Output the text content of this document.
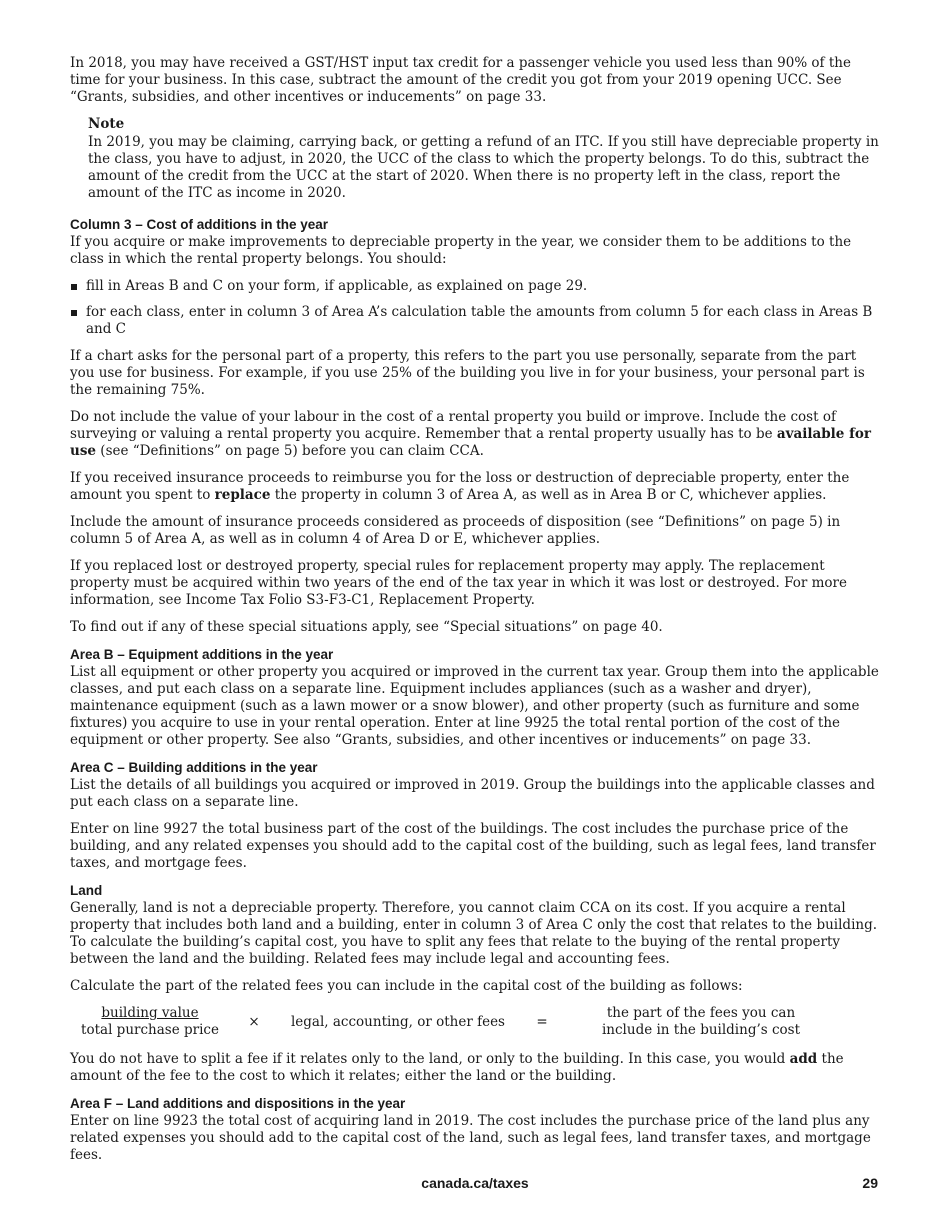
In 2018, you may have received a GST/HST input tax credit for a passenger vehicle you used less than 90% of the time for your business. In this case, subtract the amount of the credit you got from your 2019 opening UCC. See “Grants, subsidies, and other incentives or inducements” on page 33.

Note
In 2019, you may be claiming, carrying back, or getting a refund of an ITC. If you still have depreciable property in the class, you have to adjust, in 2020, the UCC of the class to which the property belongs. To do this, subtract the amount of the credit from the UCC at the start of 2020. When there is no property left in the class, report the amount of the ITC as income in 2020.
Column 3 – Cost of additions in the year

If you acquire or make improvements to depreciable property in the year, we consider them to be additions to the class in which the rental property belongs. You should:

fill in Areas B and C on your form, if applicable, as explained on page 29.
for each class, enter in column 3 of Area A’s calculation table the amounts from column 5 for each class in Areas B and C

If a chart asks for the personal part of a property, this refers to the part you use personally, separate from the part you use for business. For example, if you use 25% of the building you live in for your business, your personal part is the remaining 75%.

Do not include the value of your labour in the cost of a rental property you build or improve. Include the cost of surveying or valuing a rental property you acquire. Remember that a rental property usually has to be available for use (see “Definitions” on page 5) before you can claim CCA.

If you received insurance proceeds to reimburse you for the loss or destruction of depreciable property, enter the amount you spent to replace the property in column 3 of Area A, as well as in Area B or C, whichever applies.

Include the amount of insurance proceeds considered as proceeds of disposition (see “Definitions” on page 5) in column 5 of Area A, as well as in column 4 of Area D or E, whichever applies.

If you replaced lost or destroyed property, special rules for replacement property may apply. The replacement property must be acquired within two years of the end of the tax year in which it was lost or destroyed. For more information, see Income Tax Folio S3-F3-C1, Replacement Property.

To find out if any of these special situations apply, see “Special situations” on page 40.

Area B – Equipment additions in the year

List all equipment or other property you acquired or improved in the current tax year. Group them into the applicable classes, and put each class on a separate line. Equipment includes appliances (such as a washer and dryer), maintenance equipment (such as a lawn mower or a snow blower), and other property (such as furniture and some fixtures) you acquire to use in your rental operation. Enter at line 9925 the total rental portion of the cost of the equipment or other property. See also “Grants, subsidies, and other incentives or inducements” on page 33.

Area C – Building additions in the year

List the details of all buildings you acquired or improved in 2019. Group the buildings into the applicable classes and put each class on a separate line.

Enter on line 9927 the total business part of the cost of the buildings. The cost includes the purchase price of the building, and any related expenses you should add to the capital cost of the building, such as legal fees, land transfer taxes, and mortgage fees.

Land

Generally, land is not a depreciable property. Therefore, you cannot claim CCA on its cost. If you acquire a rental property that includes both land and a building, enter in column 3 of Area C only the cost that relates to the building. To calculate the building’s capital cost, you have to split any fees that relate to the buying of the rental property between the land and the building. Related fees may include legal and accounting fees.

Calculate the part of the related fees you can include in the capital cost of the building as follows:

$\frac{\text{building value}}{\text{total purchase price}}$	×	legal, accounting, or other fees	=
the part of the fees you can
include in the building’s cost

You do not have to split a fee if it relates only to the land, or only to the building. In this case, you would add the amount of the fee to the cost to which it relates; either the land or the building.

Area F – Land additions and dispositions in the year

Enter on line 9923 the total cost of acquiring land in 2019. The cost includes the purchase price of the land plus any related expenses you should add to the capital cost of the land, such as legal fees, land transfer taxes, and mortgage fees.

canada.ca/taxes	29
